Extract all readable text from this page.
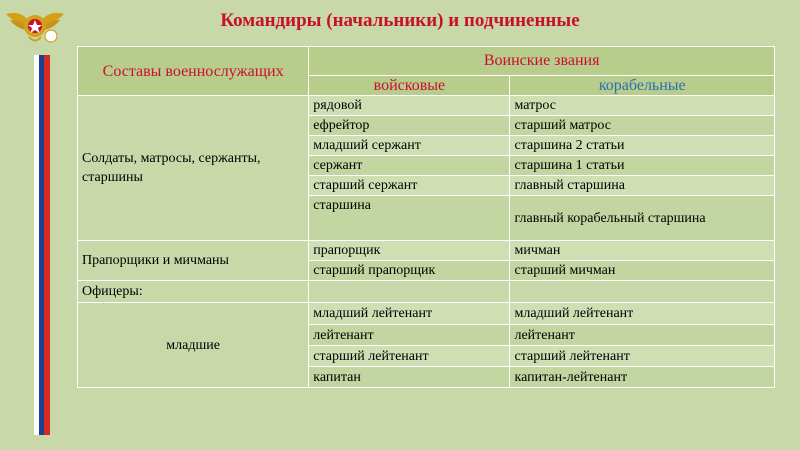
Командиры (начальники) и подчиненные
Составы военнослужащих	Воинские звания	
	войсковые	корабельные
Солдаты, матросы, сержанты, старшины	рядовой	матрос
	ефрейтор	старший матрос
	младший сержант	старшина 2 статьи
	сержант	старшина 1 статьи
	старший сержант	главный старшина
	старшина	главный корабельный старшина
Прапорщики и мичманы	прапорщик	мичман
	старший прапорщик	старший мичман
Офицеры:		
младшие	младший лейтенант	младший лейтенант
	лейтенант	лейтенант
	старший лейтенант	старший лейтенант
	капитан	капитан-лейтенант
